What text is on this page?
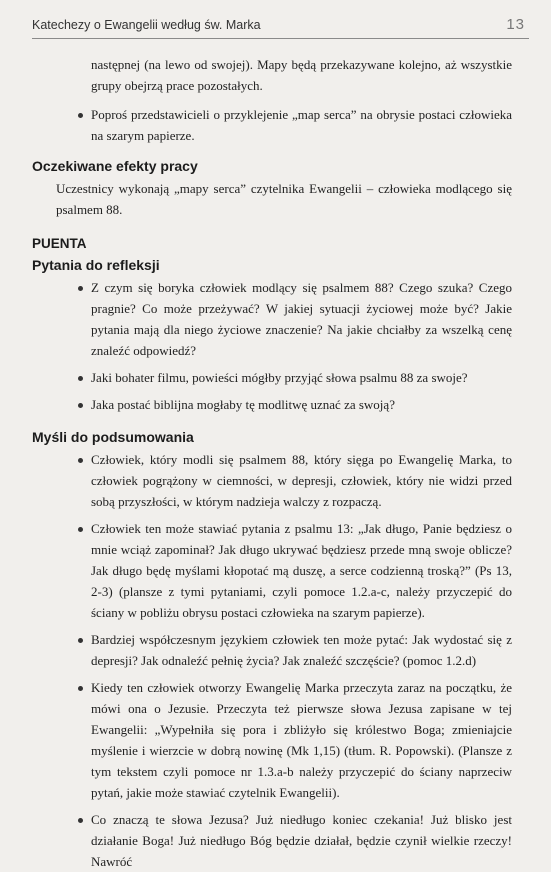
Katechezy o Ewangelii według św. Marka	13
następnej (na lewo od swojej). Mapy będą przekazywane kolejno, aż wszystkie grupy obejrzą prace pozostałych.
Poproś przedstawicieli o przyklejenie „map serca” na obrysie postaci człowieka na szarym papierze.
Oczekiwane efekty pracy

Uczestnicy wykonają „mapy serca” czytelnika Ewangelii – człowieka modlącego się psalmem 88.

PUENTA

Pytania do refleksji
Z czym się boryka człowiek modlący się psalmem 88? Czego szuka? Czego pragnie? Co może przeżywać? W jakiej sytuacji życiowej może być? Jakie pytania mają dla niego życiowe znaczenie? Na jakie chciałby za wszelką cenę znaleźć odpowiedź?
Jaki bohater filmu, powieści mógłby przyjąć słowa psalmu 88 za swoje?
Jaka postać biblijna mogłaby tę modlitwę uznać za swoją?
Myśli do podsumowania
Człowiek, który modli się psalmem 88, który sięga po Ewangelię Marka, to człowiek pogrążony w ciemności, w depresji, człowiek, który nie widzi przed sobą przyszłości, w którym nadzieja walczy z rozpaczą.
Człowiek ten może stawiać pytania z psalmu 13: „Jak długo, Panie będziesz o mnie wciąż zapominał? Jak długo ukrywać będziesz przede mną swoje oblicze? Jak długo będę myślami kłopotać mą duszę, a serce codzienną troską?” (Ps 13, 2-3) (plansze z tymi pytaniami, czyli pomoce 1.2.a-c, należy przyczepić do ściany w pobliżu obrysu postaci człowieka na szarym papierze).
Bardziej współczesnym językiem człowiek ten może pytać: Jak wydostać się z depresji? Jak odnaleźć pełnię życia? Jak znaleźć szczęście? (pomoc 1.2.d)
Kiedy ten człowiek otworzy Ewangelię Marka przeczyta zaraz na początku, że mówi ona o Jezusie. Przeczyta też pierwsze słowa Jezusa zapisane w tej Ewangelii: „Wypełniła się pora i zbliżyło się królestwo Boga; zmieniajcie myślenie i wierzcie w dobrą nowinę (Mk 1,15) (tłum. R. Popowski). (Plansze z tym tekstem czyli pomoce nr 1.3.a-b należy przyczepić do ściany naprzeciw pytań, jakie może stawiać czytelnik Ewangelii).
Co znaczą te słowa Jezusa? Już niedługo koniec czekania! Już blisko jest działanie Boga! Już niedługo Bóg będzie działał, będzie czynił wielkie rzeczy! Nawróć
